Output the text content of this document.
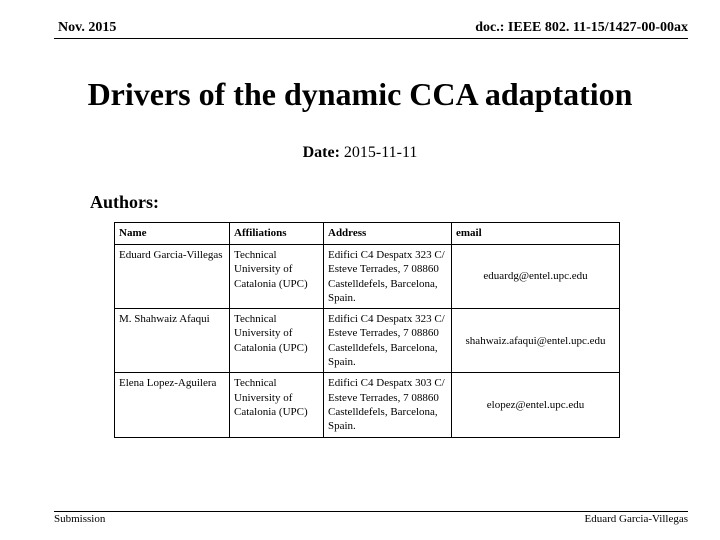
Nov. 2015	doc.: IEEE 802. 11-15/1427-00-00ax
Drivers of the dynamic CCA adaptation
Date: 2015-11-11
Authors:
Name	Affiliations	Address	email
Eduard Garcia-Villegas	Technical University of Catalonia (UPC)	Edifici C4 Despatx 323 C/ Esteve Terrades, 7 08860 Castelldefels, Barcelona, Spain.	eduardg@entel.upc.edu
M. Shahwaiz Afaqui	Technical University of Catalonia (UPC)	Edifici C4 Despatx 323 C/ Esteve Terrades, 7 08860 Castelldefels, Barcelona, Spain.	shahwaiz.afaqui@entel.upc.edu
Elena Lopez-Aguilera	Technical University of Catalonia (UPC)	Edifici C4 Despatx 303 C/ Esteve Terrades, 7 08860 Castelldefels, Barcelona, Spain.	elopez@entel.upc.edu
Submission	Eduard Garcia-Villegas
